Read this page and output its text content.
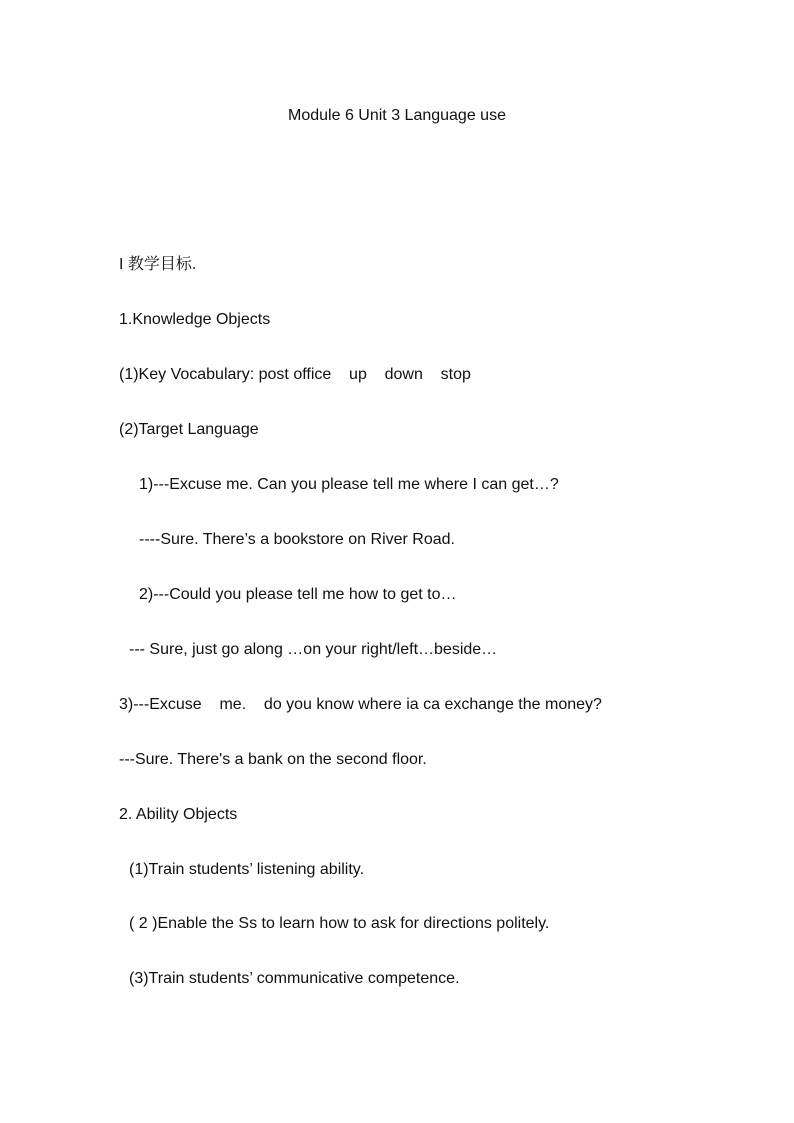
Module 6 Unit 3 Language use

I 教学目标.

1.Knowledge Objects

(1)Key Vocabulary: post office    up    down    stop

(2)Target Language

1)---Excuse me. Can you please tell me where I can get…?

----Sure. There’s a bookstore on River Road.

2)---Could you please tell me how to get to…

--- Sure, just go along …on your right/left…beside…

3)---Excuse    me.    do you know where ia ca exchange the money?

---Sure. There's a bank on the second floor.

2. Ability Objects

(1)Train students’ listening ability.

( 2 )Enable the Ss to learn how to ask for directions politely.

(3)Train students’ communicative competence.
